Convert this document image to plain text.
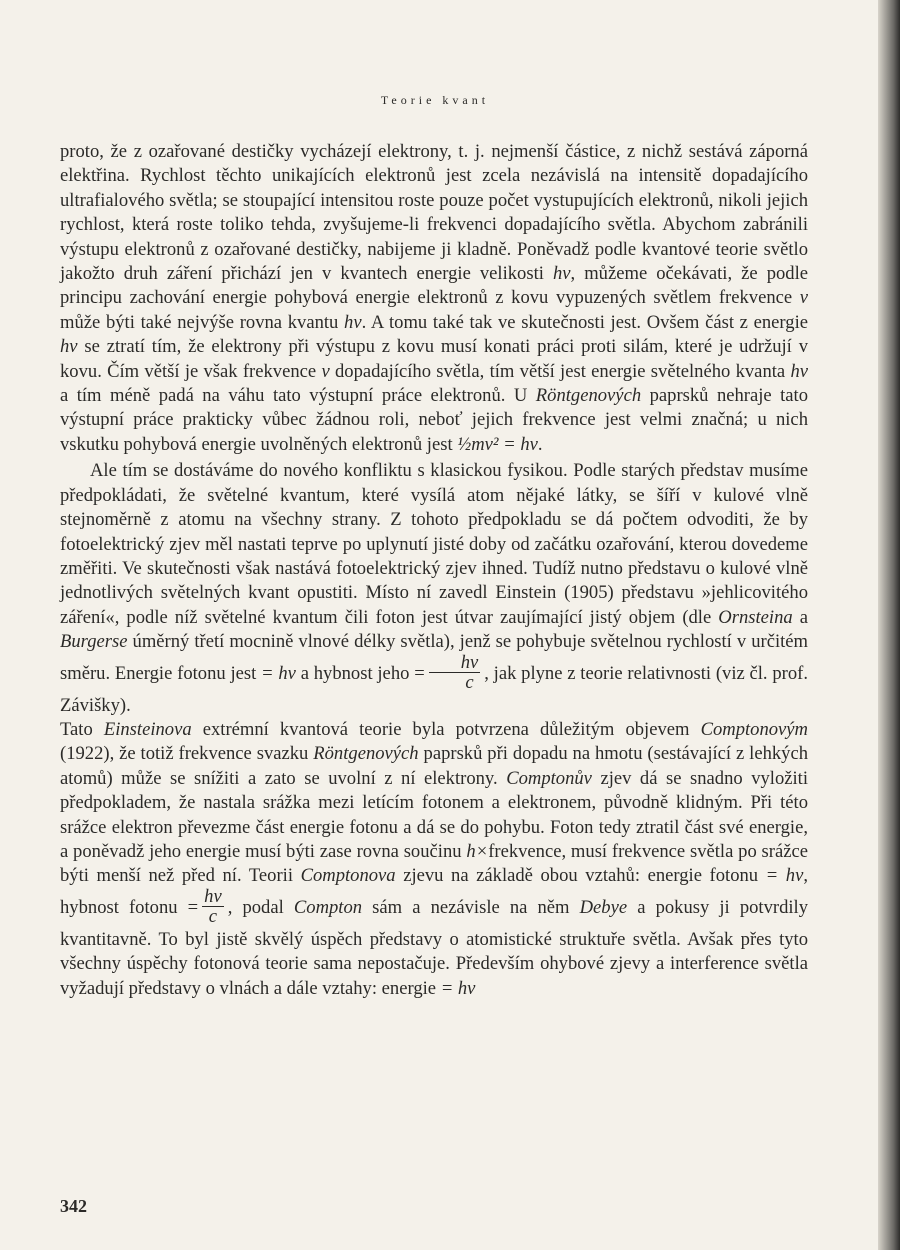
Teorie kvant

proto, že z ozařované destičky vycházejí elektrony, t. j. nejmenší částice, z nichž sestává záporná elektřina. Rychlost těchto unikajících elektronů jest zcela nezávislá na intensitě dopadajícího ultrafialového světla; se stoupající intensitou roste pouze počet vystupujících elektronů, nikoli jejich rychlost, která roste toliko tehda, zvyšujeme-li frekvenci dopadajícího světla. Abychom zabránili výstupu elektronů z ozařované destičky, nabijeme ji kladně. Poněvadž podle kvantové teorie světlo jakožto druh záření přichází jen v kvantech energie velikosti hv, můžeme očekávati, že podle principu zachování energie pohybová energie elektronů z kovu vypuzených světlem frekvence v může býti také nejvýše rovna kvantu hv. A tomu také tak ve skutečnosti jest. Ovšem část z energie hv se ztratí tím, že elektrony při výstupu z kovu musí konati práci proti silám, které je udržují v kovu. Čím větší je však frekvence v dopadajícího světla, tím větší jest energie světelného kvanta hv a tím méně padá na váhu tato výstupní práce elektronů. U Röntgenových paprsků nehraje tato výstupní práce prakticky vůbec žádnou roli, neboť jejich frekvence jest velmi značná; u nich vskutku pohybová energie uvolněných elektronů jest ½mv² = hv.

Ale tím se dostáváme do nového konfliktu s klasickou fysikou. Podle starých představ musíme předpokládati, že světelné kvantum, které vysílá atom nějaké látky, se šíří v kulové vlně stejnoměrně z atomu na všechny strany. Z tohoto předpokladu se dá počtem odvoditi, že by fotoelektrický zjev měl nastati teprve po uplynutí jisté doby od začátku ozařování, kterou dovedeme změřiti. Ve skutečnosti však nastává fotoelektrický zjev ihned. Tudíž nutno představu o kulové vlně jednotlivých světelných kvant opustiti. Místo ní zavedl Einstein (1905) představu »jehlicovitého záření«, podle níž světelné kvantum čili foton jest útvar zaujímající jistý objem (dle Ornsteina a Burgerse úměrný třetí mocnině vlnové délky světla), jenž se pohybuje světelnou rychlostí v určitém směru. Energie fotonu jest = hv a hybnost jeho = $\frac{hv}{c}$ , jak plyne z teorie relativnosti (viz čl. prof. Závišky).

Tato Einsteinova extrémní kvantová teorie byla potvrzena důležitým objevem Comptonovým (1922), že totiž frekvence svazku Röntgenových paprsků při dopadu na hmotu (sestávající z lehkých atomů) může se snížiti a zato se uvolní z ní elektrony. Comptonův zjev dá se snadno vyložiti předpokladem, že nastala srážka mezi letícím fotonem a elektronem, původně klidným. Při této srážce elektron převezme část energie fotonu a dá se do pohybu. Foton tedy ztratil část své energie, a poněvadž jeho energie musí býti zase rovna součinu h×frekvence, musí frekvence světla po srážce býti menší než před ní. Teorii Comptonova zjevu na základě obou vztahů: energie fotonu = hv, hybnost fotonu = $\frac{hv}{c}$ , podal Compton sám a nezávisle na něm Debye a pokusy ji potvrdily kvantitavně. To byl jistě skvělý úspěch představy o atomistické struktuře světla. Avšak přes tyto všechny úspěchy fotonová teorie sama nepostačuje. Především ohybové zjevy a interference světla vyžadují představy o vlnách a dále vztahy: energie = hv

342
